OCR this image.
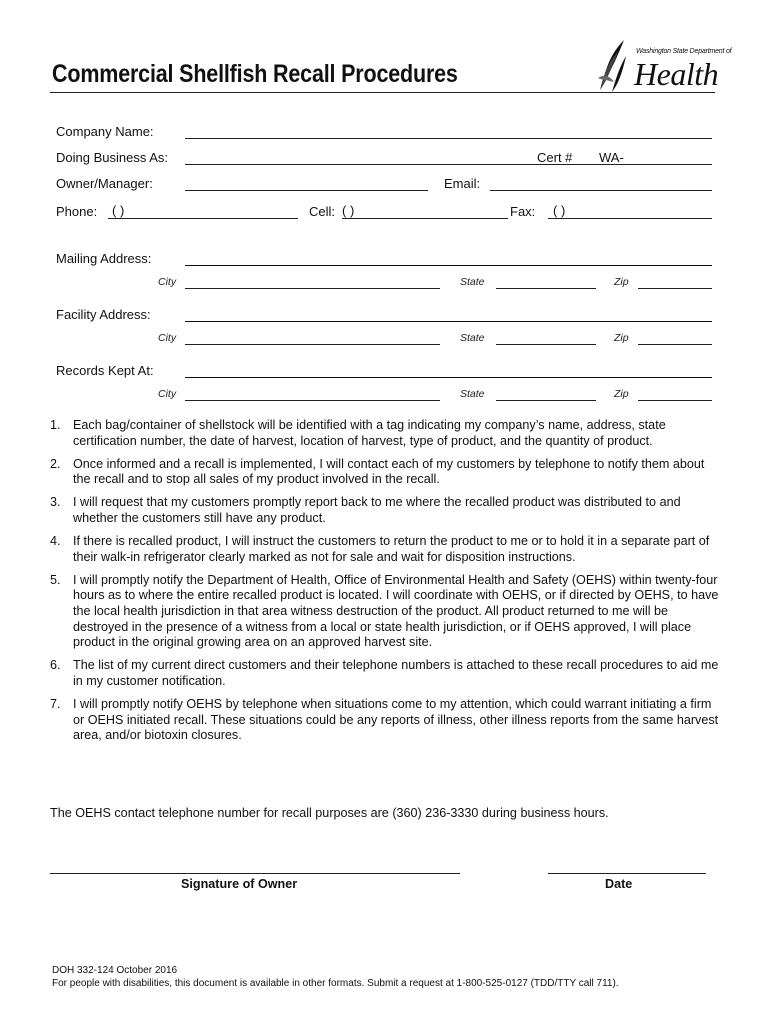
Commercial Shellfish Recall Procedures
Washington State Department of
Health
Company Name:
Doing Business As:	Cert # WA-
Owner/Manager:	Email:
Phone:	( )	Cell: ( )	Fax:	( )
Mailing Address:
City	State	Zip
Facility Address:
City	State	Zip
Records Kept At:
City	State	Zip
1. Each bag/container of shellstock will be identified with a tag indicating my company’s name, address, state certification number, the date of harvest, location of harvest, type of product, and the quantity of product.
2. Once informed and a recall is implemented, I will contact each of my customers by telephone to notify them about the recall and to stop all sales of my product involved in the recall.
3. I will request that my customers promptly report back to me where the recalled product was distributed to and whether the customers still have any product.
4. If there is recalled product, I will instruct the customers to return the product to me or to hold it in a separate part of their walk-in refrigerator clearly marked as not for sale and wait for disposition instructions.
5. I will promptly notify the Department of Health, Office of Environmental Health and Safety (OEHS) within twenty-four hours as to where the entire recalled product is located. I will coordinate with OEHS, or if directed by OEHS, to have the local health jurisdiction in that area witness destruction of the product. All product returned to me will be destroyed in the presence of a witness from a local or state health jurisdiction, or if OEHS approved, I will place product in the original growing area on an approved harvest site.
6. The list of my current direct customers and their telephone numbers is attached to these recall procedures to aid me in my customer notification.
7. I will promptly notify OEHS by telephone when situations come to my attention, which could warrant initiating a firm or OEHS initiated recall. These situations could be any reports of illness, other illness reports from the same harvest area, and/or biotoxin closures.
The OEHS contact telephone number for recall purposes are (360) 236-3330 during business hours.
Signature of Owner	Date
DOH 332-124 October 2016
For people with disabilities, this document is available in other formats. Submit a request at 1-800-525-0127 (TDD/TTY call 711).
